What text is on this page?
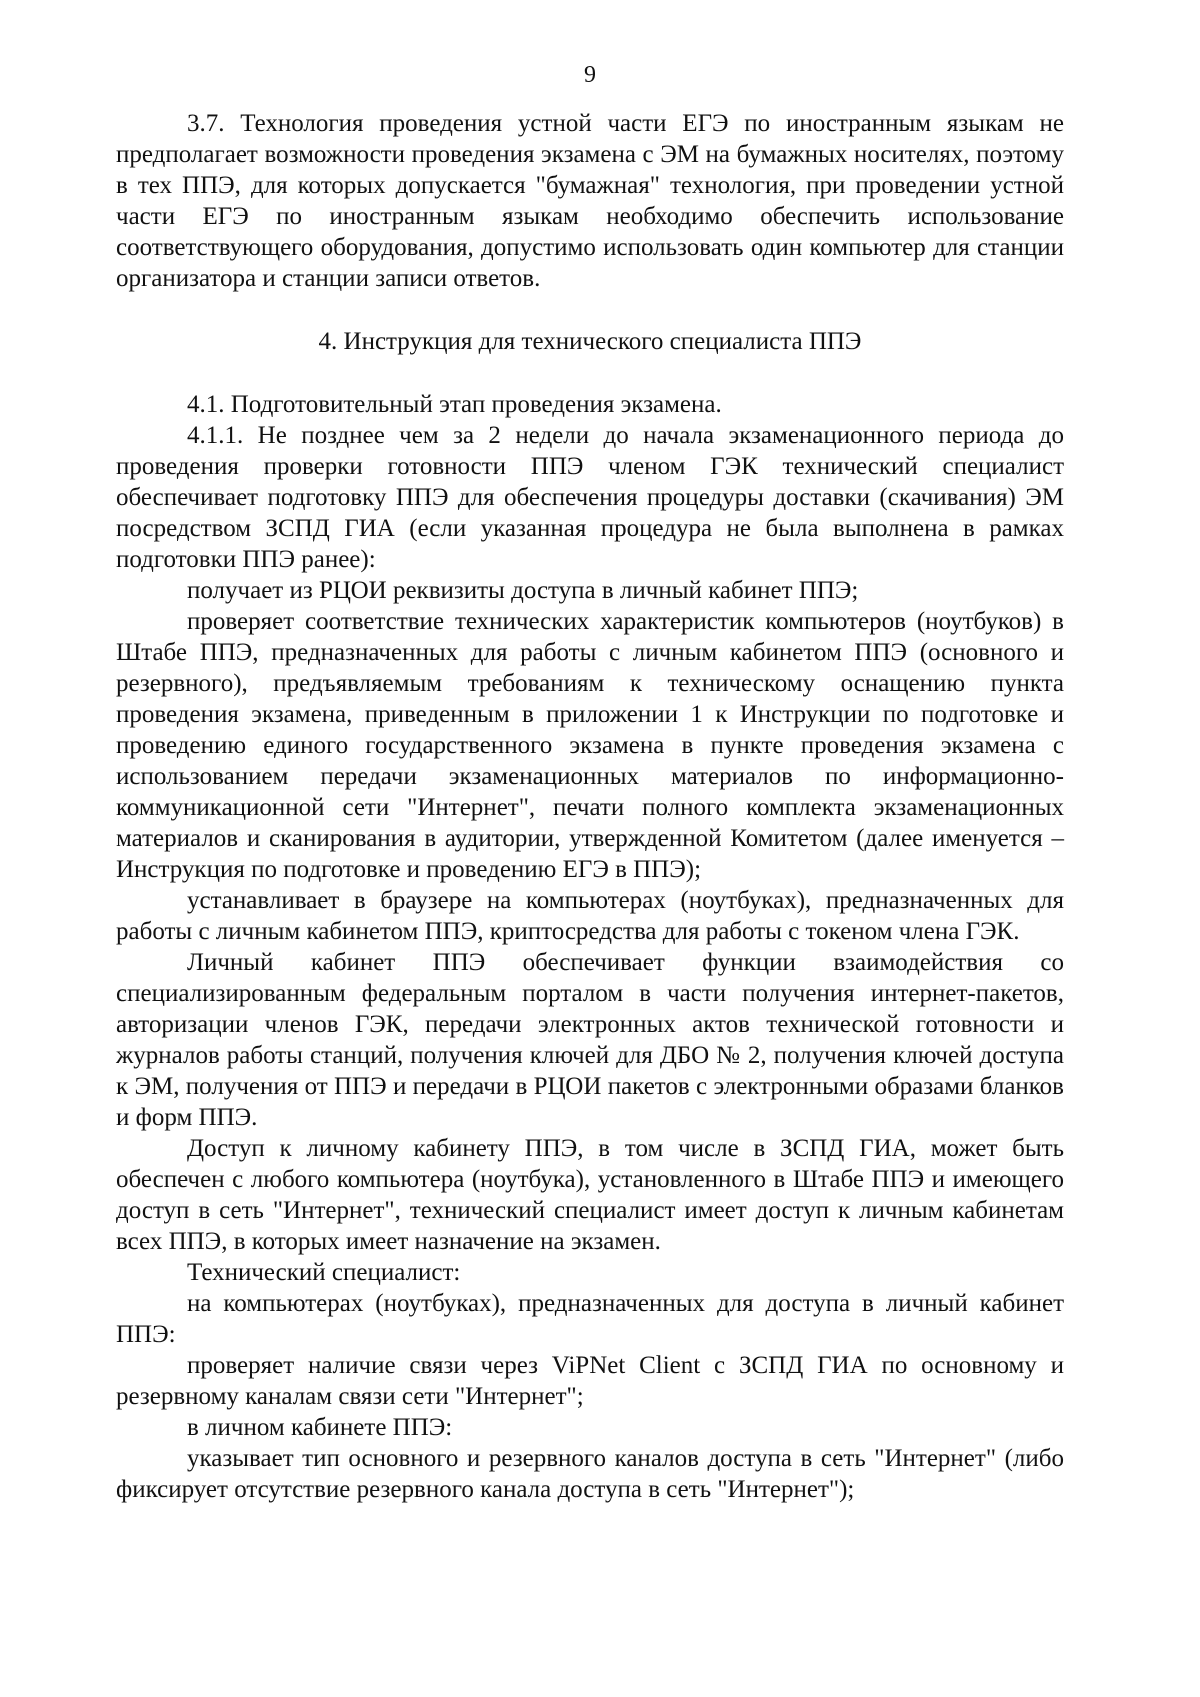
9

3.7. Технология проведения устной части ЕГЭ по иностранным языкам не предполагает возможности проведения экзамена с ЭМ на бумажных носителях, поэтому в тех ППЭ, для которых допускается "бумажная" технология, при проведении устной части ЕГЭ по иностранным языкам необходимо обеспечить использование соответствующего оборудования, допустимо использовать один компьютер для станции организатора и станции записи ответов.

4. Инструкция для технического специалиста ППЭ

4.1. Подготовительный этап проведения экзамена.

4.1.1. Не позднее чем за 2 недели до начала экзаменационного периода до проведения проверки готовности ППЭ членом ГЭК технический специалист обеспечивает подготовку ППЭ для обеспечения процедуры доставки (скачивания) ЭМ посредством ЗСПД ГИА (если указанная процедура не была выполнена в рамках подготовки ППЭ ранее):

получает из РЦОИ реквизиты доступа в личный кабинет ППЭ;

проверяет соответствие технических характеристик компьютеров (ноутбуков) в Штабе ППЭ, предназначенных для работы с личным кабинетом ППЭ (основного и резервного), предъявляемым требованиям к техническому оснащению пункта проведения экзамена, приведенным в приложении 1 к Инструкции по подготовке и проведению единого государственного экзамена в пункте проведения экзамена с использованием передачи экзаменационных материалов по информационно-коммуникационной сети "Интернет", печати полного комплекта экзаменационных материалов и сканирования в аудитории, утвержденной Комитетом (далее именуется – Инструкция по подготовке и проведению ЕГЭ в ППЭ);

устанавливает в браузере на компьютерах (ноутбуках), предназначенных для работы с личным кабинетом ППЭ, криптосредства для работы с токеном члена ГЭК.

Личный кабинет ППЭ обеспечивает функции взаимодействия со специализированным федеральным порталом в части получения интернет-пакетов, авторизации членов ГЭК, передачи электронных актов технической готовности и журналов работы станций, получения ключей для ДБО № 2, получения ключей доступа к ЭМ, получения от ППЭ и передачи в РЦОИ пакетов с электронными образами бланков и форм ППЭ.

Доступ к личному кабинету ППЭ, в том числе в ЗСПД ГИА, может быть обеспечен с любого компьютера (ноутбука), установленного в Штабе ППЭ и имеющего доступ в сеть "Интернет", технический специалист имеет доступ к личным кабинетам всех ППЭ, в которых имеет назначение на экзамен.

Технический специалист:

на компьютерах (ноутбуках), предназначенных для доступа в личный кабинет ППЭ:

проверяет наличие связи через ViPNet Client с ЗСПД ГИА по основному и резервному каналам связи сети "Интернет";

в личном кабинете ППЭ:

указывает тип основного и резервного каналов доступа в сеть "Интернет" (либо фиксирует отсутствие резервного канала доступа в сеть "Интернет");
